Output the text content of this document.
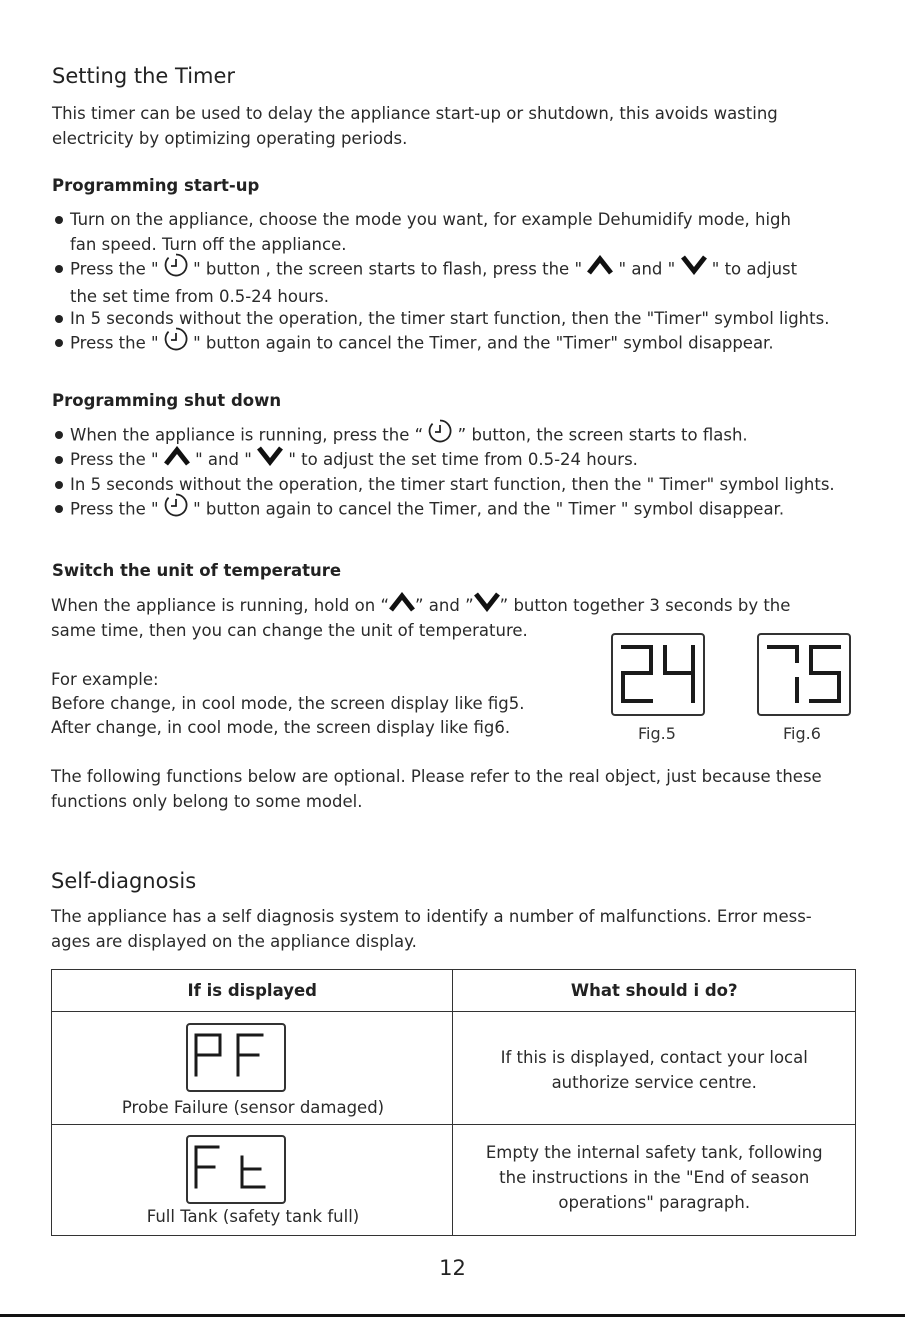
Setting the Timer
This timer can be used to delay the appliance start-up or shutdown, this avoids wasting
electricity by optimizing operating periods.
Programming start-up
Turn on the appliance, choose the mode you want, for example Dehumidify mode, high
fan speed. Turn off the appliance.
Press the " " button , the screen starts to flash, press the " " and " " to adjust
the set time from 0.5-24 hours.
In 5 seconds without the operation, the timer start function, then the "Timer" symbol lights.
Press the " " button again to cancel the Timer, and the "Timer" symbol disappear.
Programming shut down
When the appliance is running, press the “ ” button, the screen starts to flash.
Press the " " and " " to adjust the set time from 0.5-24 hours.
In 5 seconds without the operation, the timer start function, then the " Timer" symbol lights.
Press the " " button again to cancel the Timer, and the " Timer " symbol disappear.
Switch the unit of temperature
When the appliance is running, hold on “ ” and ” ” button together 3 seconds by the
same time, then you can change the unit of temperature.
For example:
Before change, in cool mode, the screen display like fig5.
After change, in cool mode, the screen display like fig6.	Fig.5	Fig.6
The following functions below are optional. Please refer to the real object, just because these
functions only belong to some model.
Self-diagnosis
The appliance has a self diagnosis system to identify a number of malfunctions. Error mess-
ages are displayed on the appliance display.
If is displayed	What should i do?

Probe Failure (sensor damaged)	If this is displayed, contact your local
authorize service centre.

Full Tank (safety tank full)	Empty the internal safety tank, following
the instructions in the "End of season
operations" paragraph.
12
